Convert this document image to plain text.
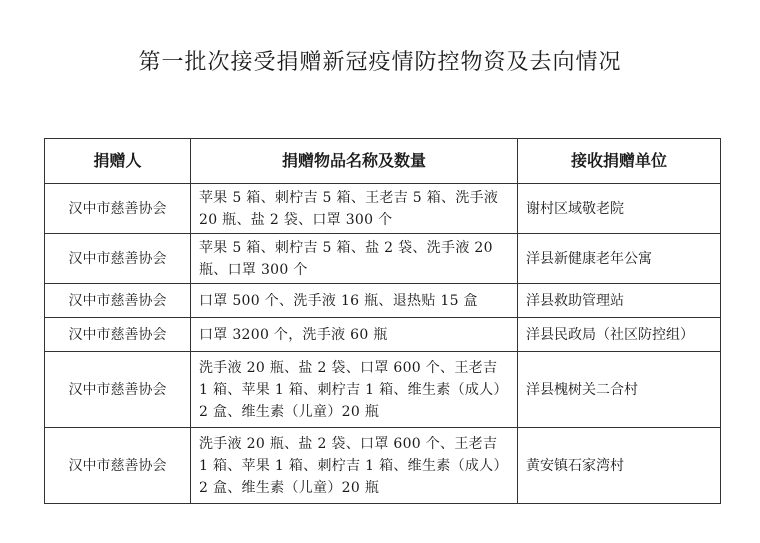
第一批次接受捐赠新冠疫情防控物资及去向情况
捐赠人	捐赠物品名称及数量	接收捐赠单位
汉中市慈善协会	苹果 5 箱、刺柠吉 5 箱、王老吉 5 箱、洗手液 20 瓶、盐 2 袋、口罩 300 个	谢村区域敬老院
汉中市慈善协会	苹果 5 箱、刺柠吉 5 箱、盐 2 袋、洗手液 20 瓶、口罩 300 个	洋县新健康老年公寓
汉中市慈善协会	口罩 500 个、洗手液 16 瓶、退热贴 15 盒	洋县救助管理站
汉中市慈善协会	口罩 3200 个，洗手液 60 瓶	洋县民政局（社区防控组）
汉中市慈善协会	洗手液 20 瓶、盐 2 袋、口罩 600 个、王老吉 1 箱、苹果 1 箱、刺柠吉 1 箱、维生素（成人）2 盒、维生素（儿童）20 瓶	洋县槐树关二合村
汉中市慈善协会	洗手液 20 瓶、盐 2 袋、口罩 600 个、王老吉 1 箱、苹果 1 箱、刺柠吉 1 箱、维生素（成人）2 盒、维生素（儿童）20 瓶	黄安镇石家湾村
